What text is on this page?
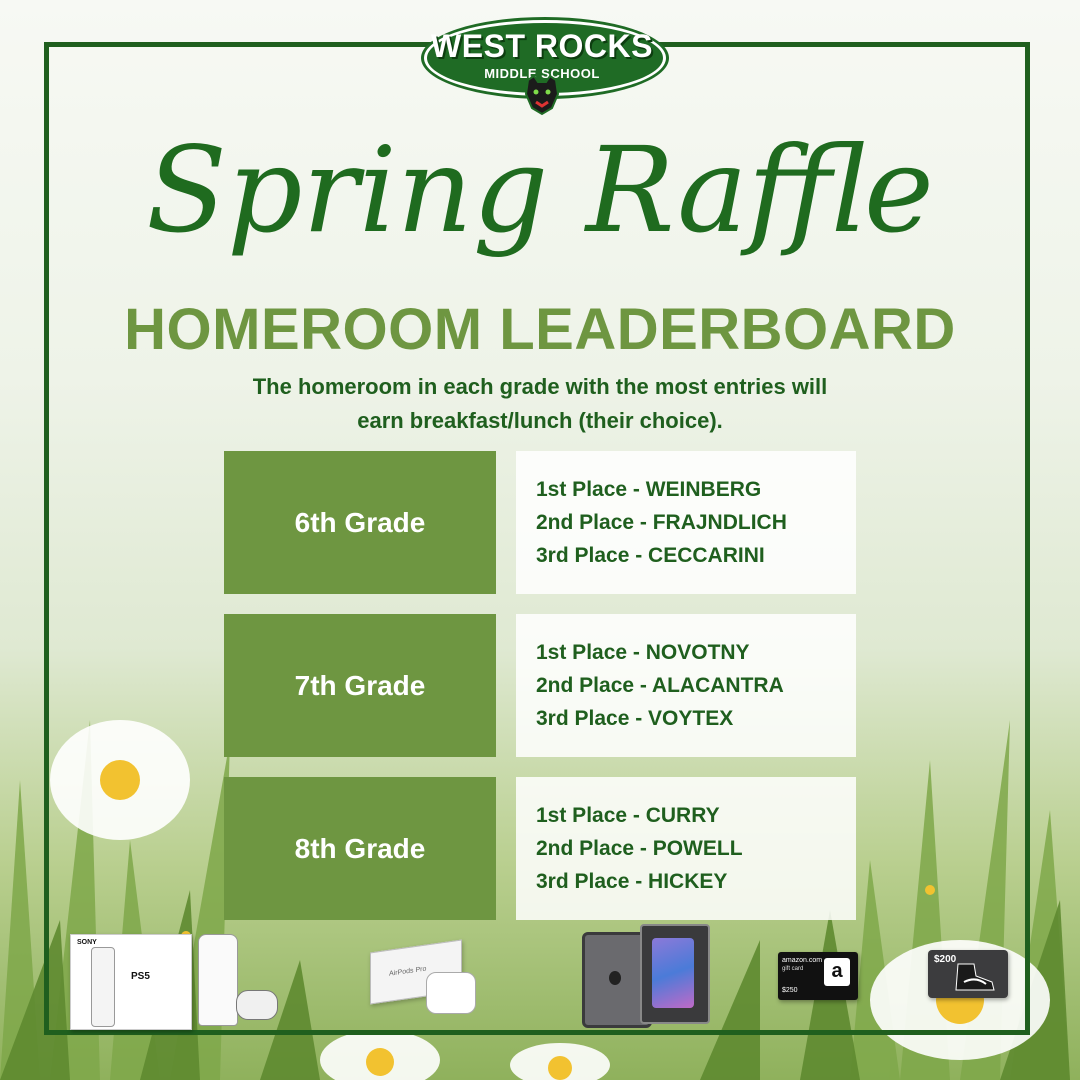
WEST ROCKS
MIDDLE SCHOOL
Spring Raffle
HOMEROOM LEADERBOARD
The homeroom in each grade with the most entries will
earn breakfast/lunch (their choice).
6th Grade
1st Place - WEINBERG
2nd Place - FRAJNDLICH
3rd Place - CECCARINI
7th Grade
1st Place - NOVOTNY
2nd Place - ALACANTRA
3rd Place - VOYTEX
8th Grade
1st Place - CURRY
2nd Place - POWELL
3rd Place - HICKEY
SONY
PS5	AirPods Pro
amazon.com
gift card	a
$250
$200
